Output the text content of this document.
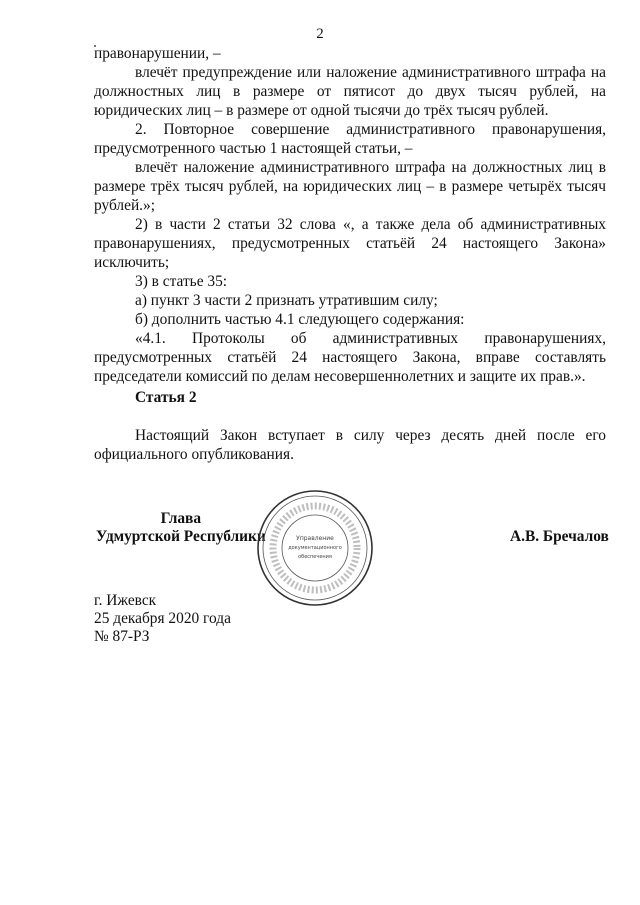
2

правонарушении, –

влечёт предупреждение или наложение административного штрафа на должностных лиц в размере от пятисот до двух тысяч рублей, на юридических лиц – в размере от одной тысячи до трёх тысяч рублей.

2. Повторное совершение административного правонарушения, предусмотренного частью 1 настоящей статьи, –

влечёт наложение административного штрафа на должностных лиц в размере трёх тысяч рублей, на юридических лиц – в размере четырёх тысяч рублей.»;

2) в части 2 статьи 32 слова «, а также дела об административных правонарушениях, предусмотренных статьёй 24 настоящего Закона» исключить;

3) в статье 35:

а) пункт 3 части 2 признать утратившим силу;

б) дополнить частью 4.1 следующего содержания:

«4.1. Протоколы об административных правонарушениях, предусмотренных статьёй 24 настоящего Закона, вправе составлять председатели комиссий по делам несовершеннолетних и защите их прав.».

Статья 2

Настоящий Закон вступает в силу через десять дней после его официального опубликования.

Глава
Удмуртской Республики	Управление
документационного
обеспечения
А.В. Бречалов
г. Ижевск
25 декабря 2020 года
№ 87-РЗ
